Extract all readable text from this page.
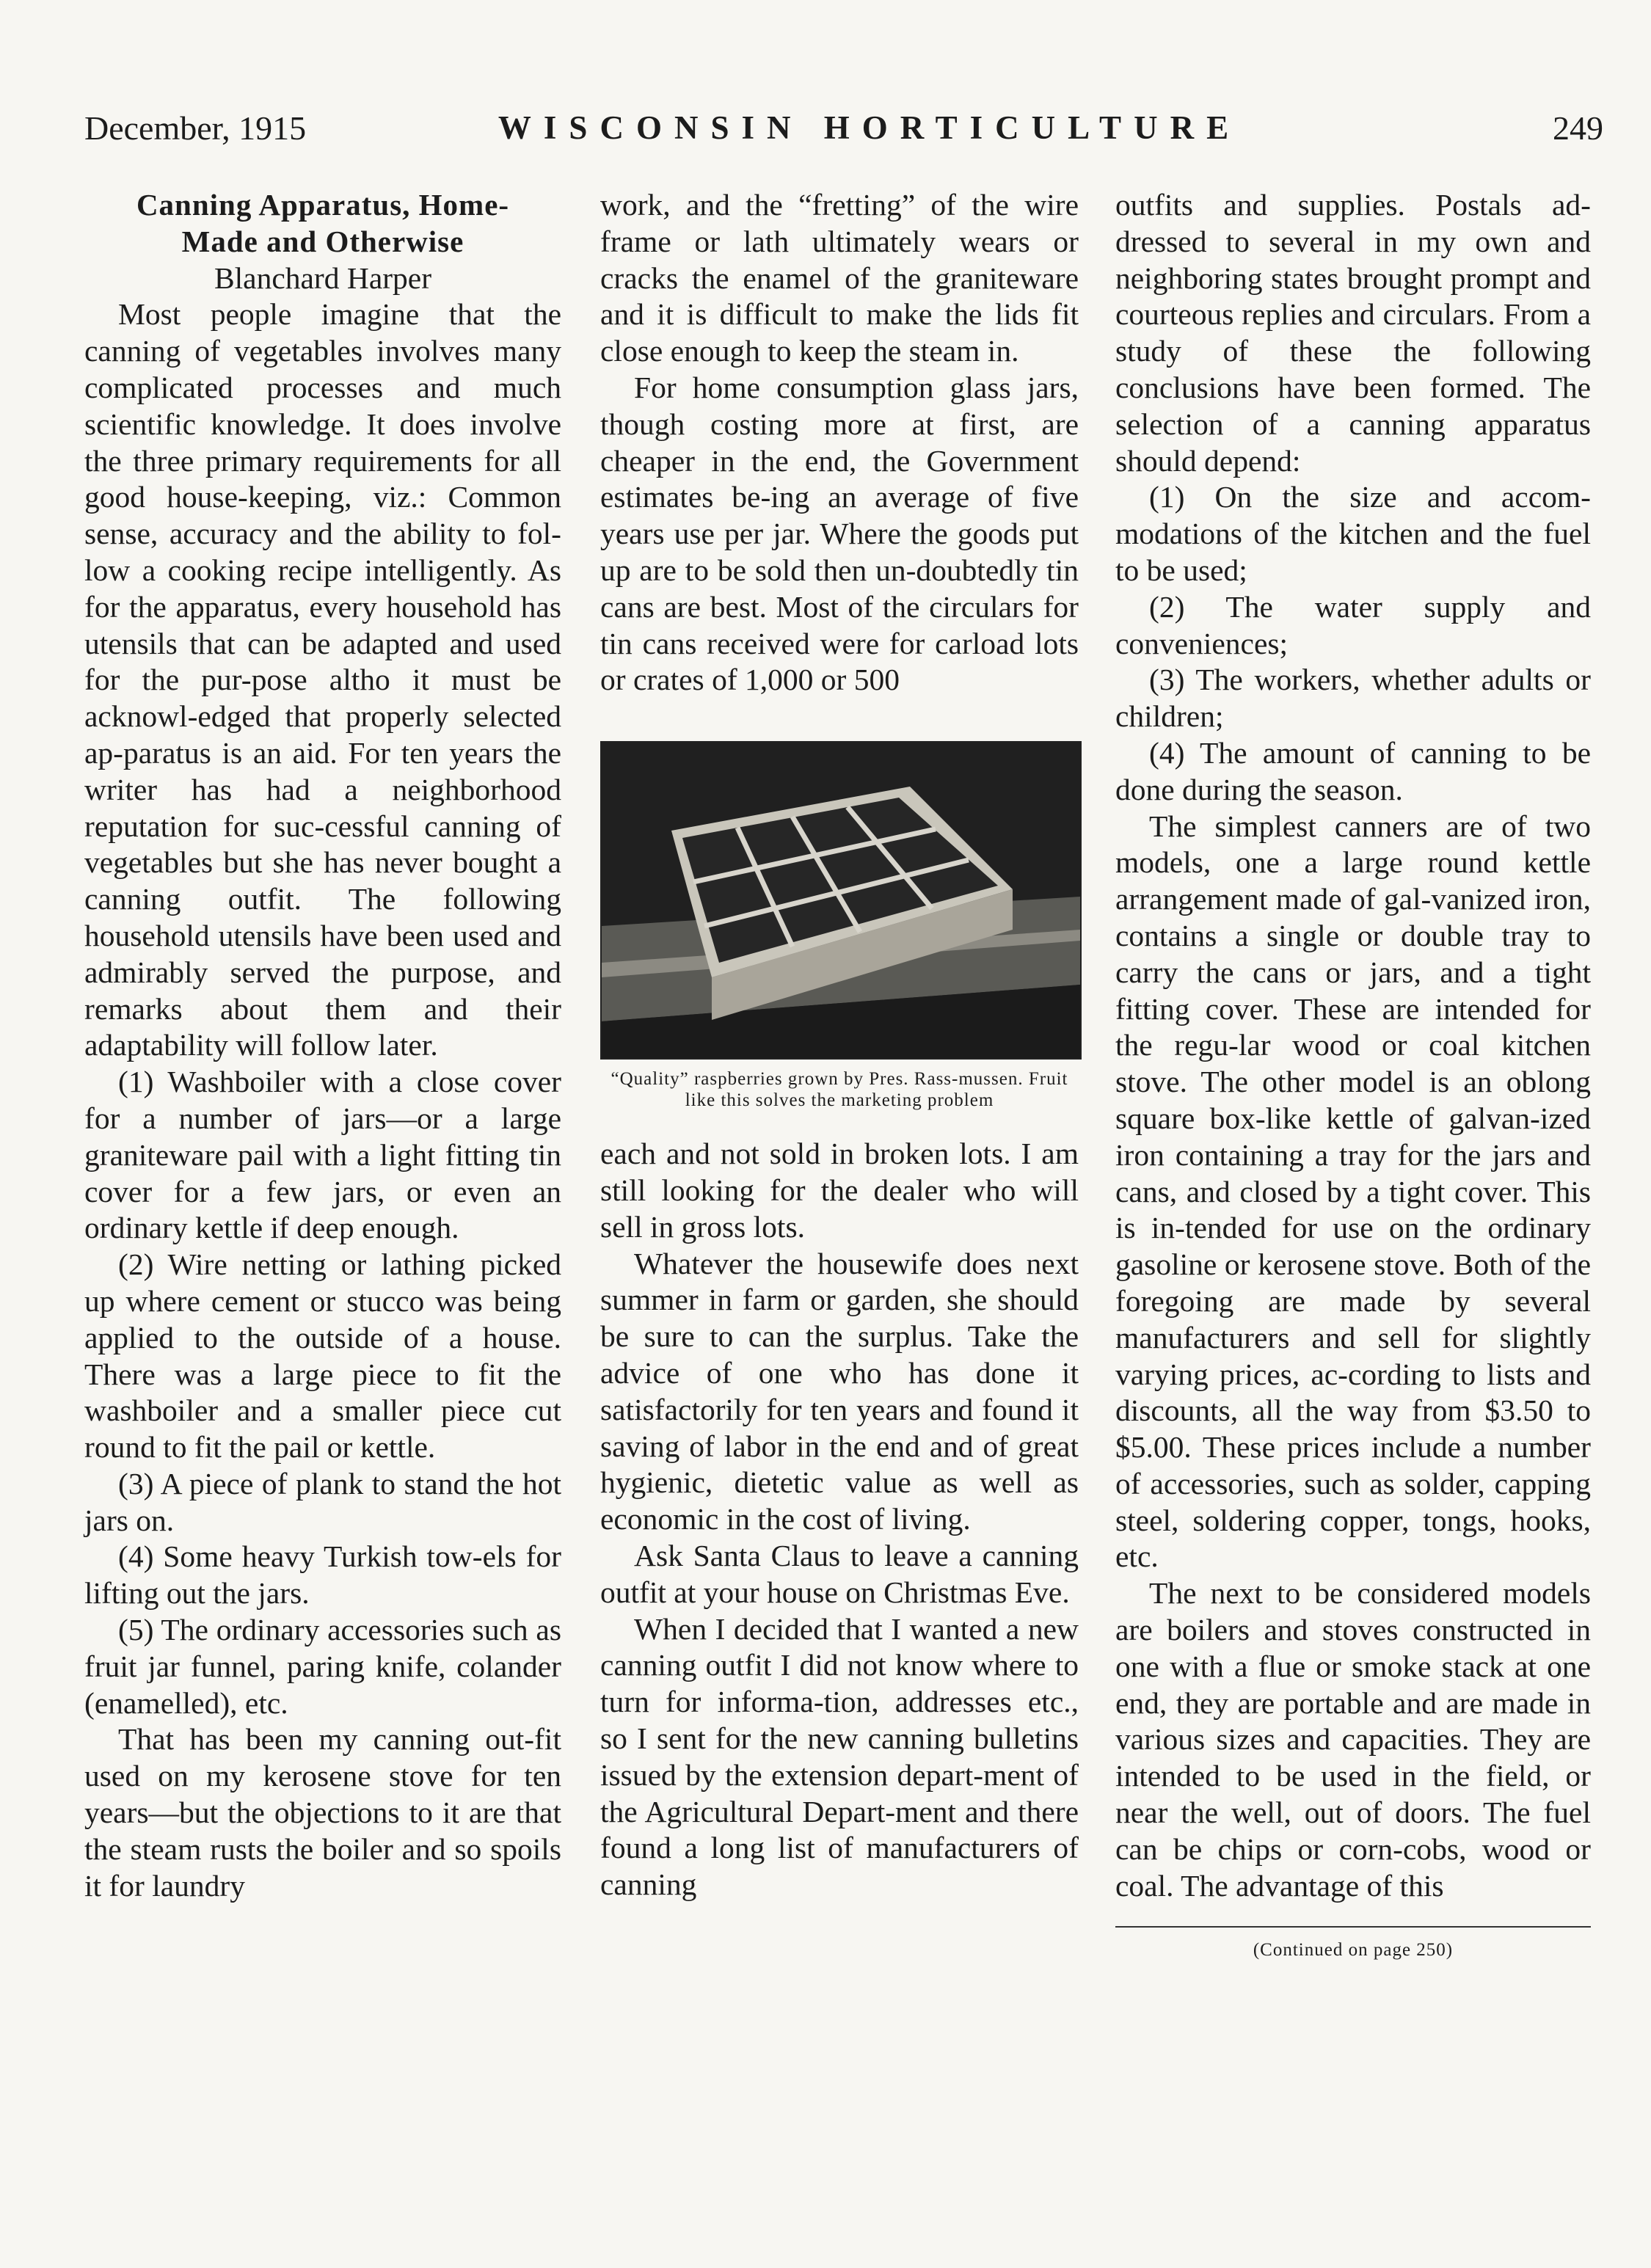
December, 1915	WISCONSIN HORTICULTURE	249

Canning Apparatus, Home-

Made and Otherwise

Blanchard Harper

Most people imagine that the canning of vegetables involves many complicated processes and much scientific knowledge. It does involve the three primary requirements for all good house-keeping, viz.: Common sense, accuracy and the ability to fol-low a cooking recipe intelligently. As for the apparatus, every household has utensils that can be adapted and used for the pur-pose altho it must be acknowl-edged that properly selected ap-paratus is an aid. For ten years the writer has had a neighborhood reputation for suc-cessful canning of vegetables but she has never bought a canning outfit. The following household utensils have been used and admirably served the purpose, and remarks about them and their adaptability will follow later.

(1) Washboiler with a close cover for a number of jars—or a large graniteware pail with a light fitting tin cover for a few jars, or even an ordinary kettle if deep enough.

(2) Wire netting or lathing picked up where cement or stucco was being applied to the outside of a house. There was a large piece to fit the washboiler and a smaller piece cut round to fit the pail or kettle.

(3) A piece of plank to stand the hot jars on.

(4) Some heavy Turkish tow-els for lifting out the jars.

(5) The ordinary accessories such as fruit jar funnel, paring knife, colander (enamelled), etc.

That has been my canning out-fit used on my kerosene stove for ten years—but the objections to it are that the steam rusts the boiler and so spoils it for laundry

work, and the “fretting” of the wire frame or lath ultimately wears or cracks the enamel of the graniteware and it is difficult to make the lids fit close enough to keep the steam in.

For home consumption glass jars, though costing more at first, are cheaper in the end, the Government estimates be-ing an average of five years use per jar. Where the goods put up are to be sold then un-doubtedly tin cans are best. Most of the circulars for tin cans received were for carload lots or crates of 1,000 or 500

“Quality” raspberries grown by Pres. Rass-mussen. Fruit like this solves the marketing problem

each and not sold in broken lots. I am still looking for the dealer who will sell in gross lots.

Whatever the housewife does next summer in farm or garden, she should be sure to can the surplus. Take the advice of one who has done it satisfactorily for ten years and found it saving of labor in the end and of great hygienic, dietetic value as well as economic in the cost of living.

Ask Santa Claus to leave a canning outfit at your house on Christmas Eve.

When I decided that I wanted a new canning outfit I did not know where to turn for informa-tion, addresses etc., so I sent for the new canning bulletins issued by the extension depart-ment of the Agricultural Depart-ment and there found a long list of manufacturers of canning

outfits and supplies. Postals ad-dressed to several in my own and neighboring states brought prompt and courteous replies and circulars. From a study of these the following conclusions have been formed. The selection of a canning apparatus should depend:

(1) On the size and accom-modations of the kitchen and the fuel to be used;

(2) The water supply and conveniences;

(3) The workers, whether adults or children;

(4) The amount of canning to be done during the season.

The simplest canners are of two models, one a large round kettle arrangement made of gal-vanized iron, contains a single or double tray to carry the cans or jars, and a tight fitting cover. These are intended for the regu-lar wood or coal kitchen stove. The other model is an oblong square box-like kettle of galvan-ized iron containing a tray for the jars and cans, and closed by a tight cover. This is in-tended for use on the ordinary gasoline or kerosene stove. Both of the foregoing are made by several manufacturers and sell for slightly varying prices, ac-cording to lists and discounts, all the way from $3.50 to $5.00. These prices include a number of accessories, such as solder, capping steel, soldering copper, tongs, hooks, etc.

The next to be considered models are boilers and stoves constructed in one with a flue or smoke stack at one end, they are portable and are made in various sizes and capacities. They are intended to be used in the field, or near the well, out of doors. The fuel can be chips or corn-cobs, wood or coal. The advantage of this

(Continued on page 250)
